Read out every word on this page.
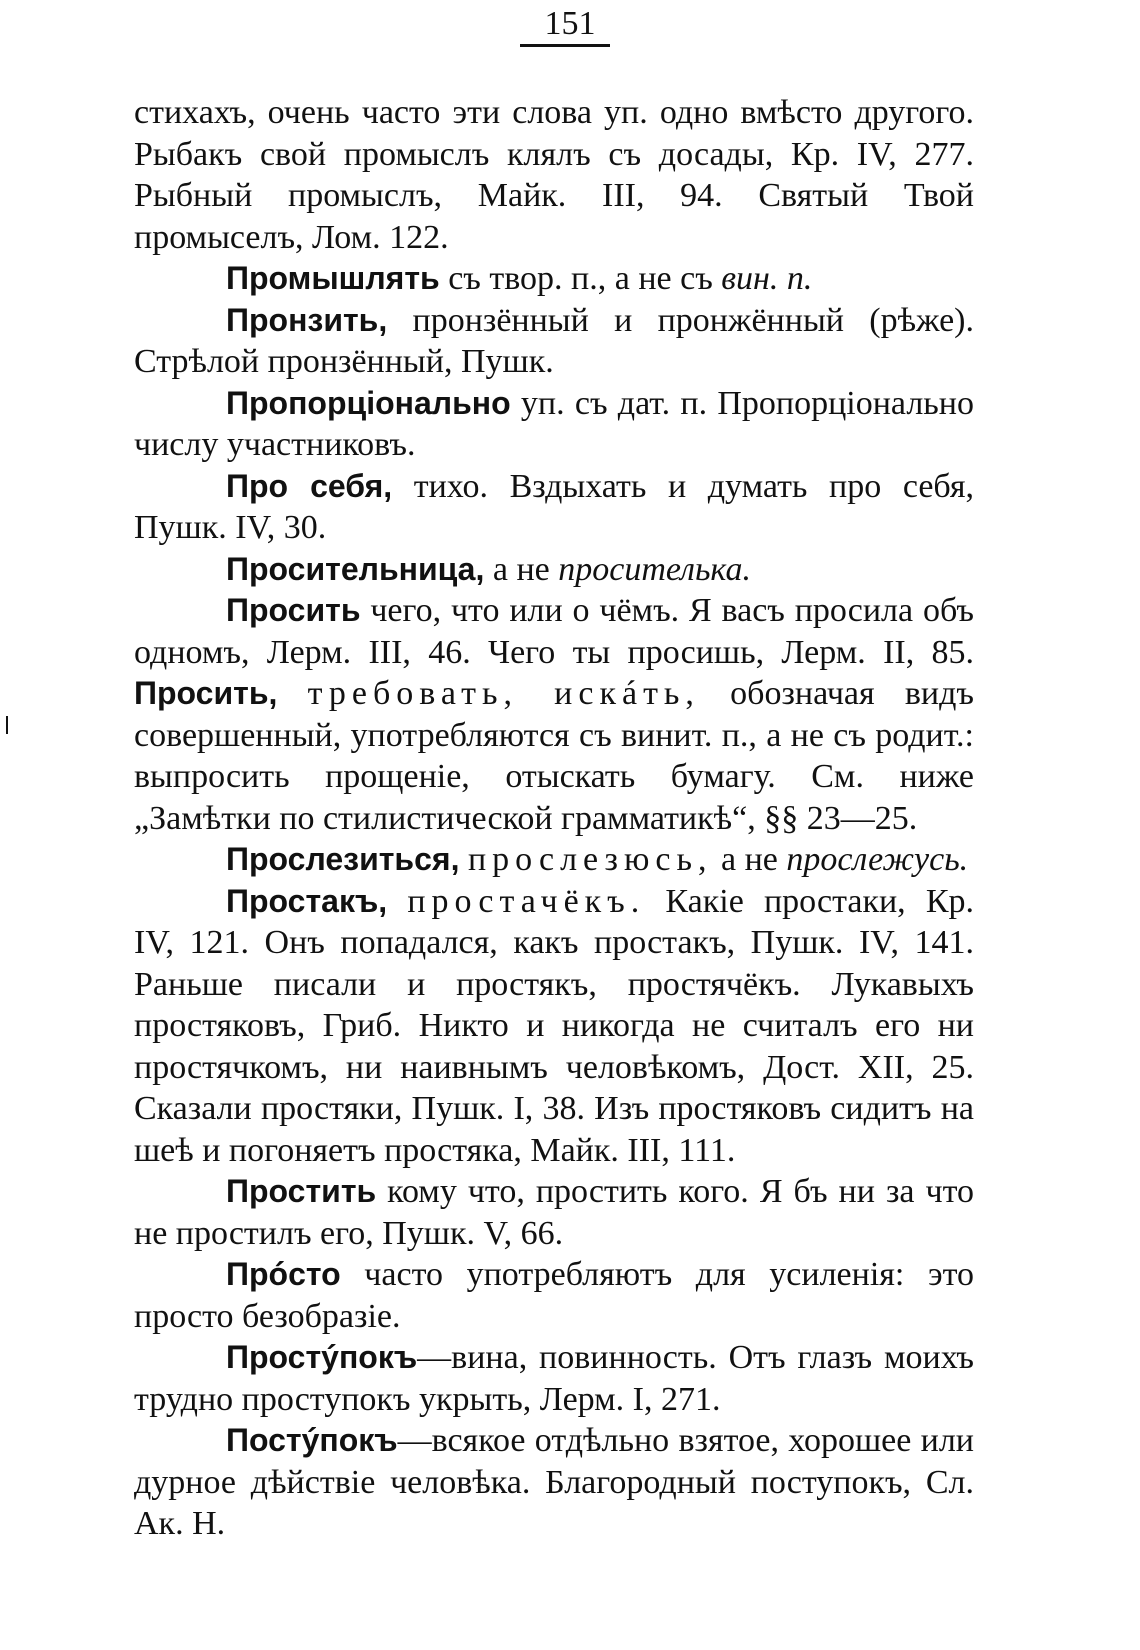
151

стихахъ, очень часто эти слова уп. одно вмѣсто другого. Рыбакъ свой промыслъ клялъ съ досады, Кр. IV, 277. Рыбный промыслъ, Майк. III, 94. Святый Твой промыселъ, Лом. 122.

Промышлять съ твор. п., а не съ вин. п.

Пронзить, пронзённый и пронжённый (рѣже). Стрѣлой пронзённый, Пушк.

Пропорціонально уп. съ дат. п. Пропорціонально числу участниковъ.

Про себя, тихо. Вздыхать и думать про себя, Пушк. IV, 30.

Просительница, а не просителька.

Просить чего, что или о чёмъ. Я васъ просила объ одномъ, Лерм. III, 46. Чего ты просишь, Лерм. II, 85. Просить, требовать, искáть, обозначая видъ совершенный, употребляются съ винит. п., а не съ родит.: выпросить прощеніе, отыскать бумагу. См. ниже „Замѣтки по стилистической грамматикѣ“, §§ 23—25.

Прослезиться, прослезюсь, а не прослежусь.

Простакъ, простачёкъ. Какіе простаки, Кр. IV, 121. Онъ попадался, какъ простакъ, Пушк. IV, 141. Раньше писали и простякъ, простячёкъ. Лукавыхъ простяковъ, Гриб. Никто и никогда не считалъ его ни простячкомъ, ни наивнымъ человѣкомъ, Дост. XII, 25. Сказали простяки, Пушк. I, 38. Изъ простяковъ сидитъ на шеѣ и погоняетъ простяка, Майк. III, 111.

Простить кому что, простить кого. Я бъ ни за что не простилъ его, Пушк. V, 66.

Прóсто часто употребляютъ для усиленія: это просто безобразіе.

Простýпокъ—вина, повинность. Отъ глазъ моихъ трудно проступокъ укрыть, Лерм. I, 271.

Постýпокъ—всякое отдѣльно взятое, хорошее или дурное дѣйствіе человѣка. Благородный поступокъ, Сл. Ак. Н.
